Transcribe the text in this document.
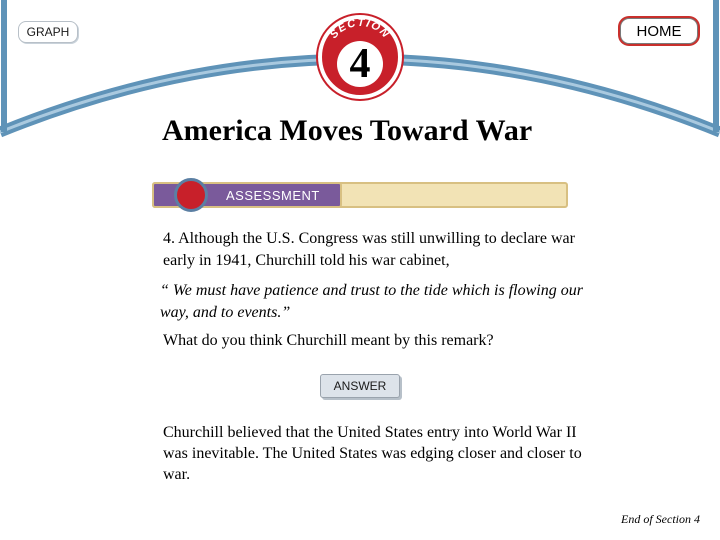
GRAPH	HOME
SECTION
4
America Moves Toward War
ASSESSMENT
4. Although the U.S. Congress was still unwilling to declare war early in 1941, Churchill told his war cabinet,
“ We must have patience and trust to the tide which is flowing our way, and to events.”
What do you think Churchill meant by this remark?
ANSWER
Churchill believed that the United States entry into World War II was inevitable. The United States was edging closer and closer to war.
End of Section 4
